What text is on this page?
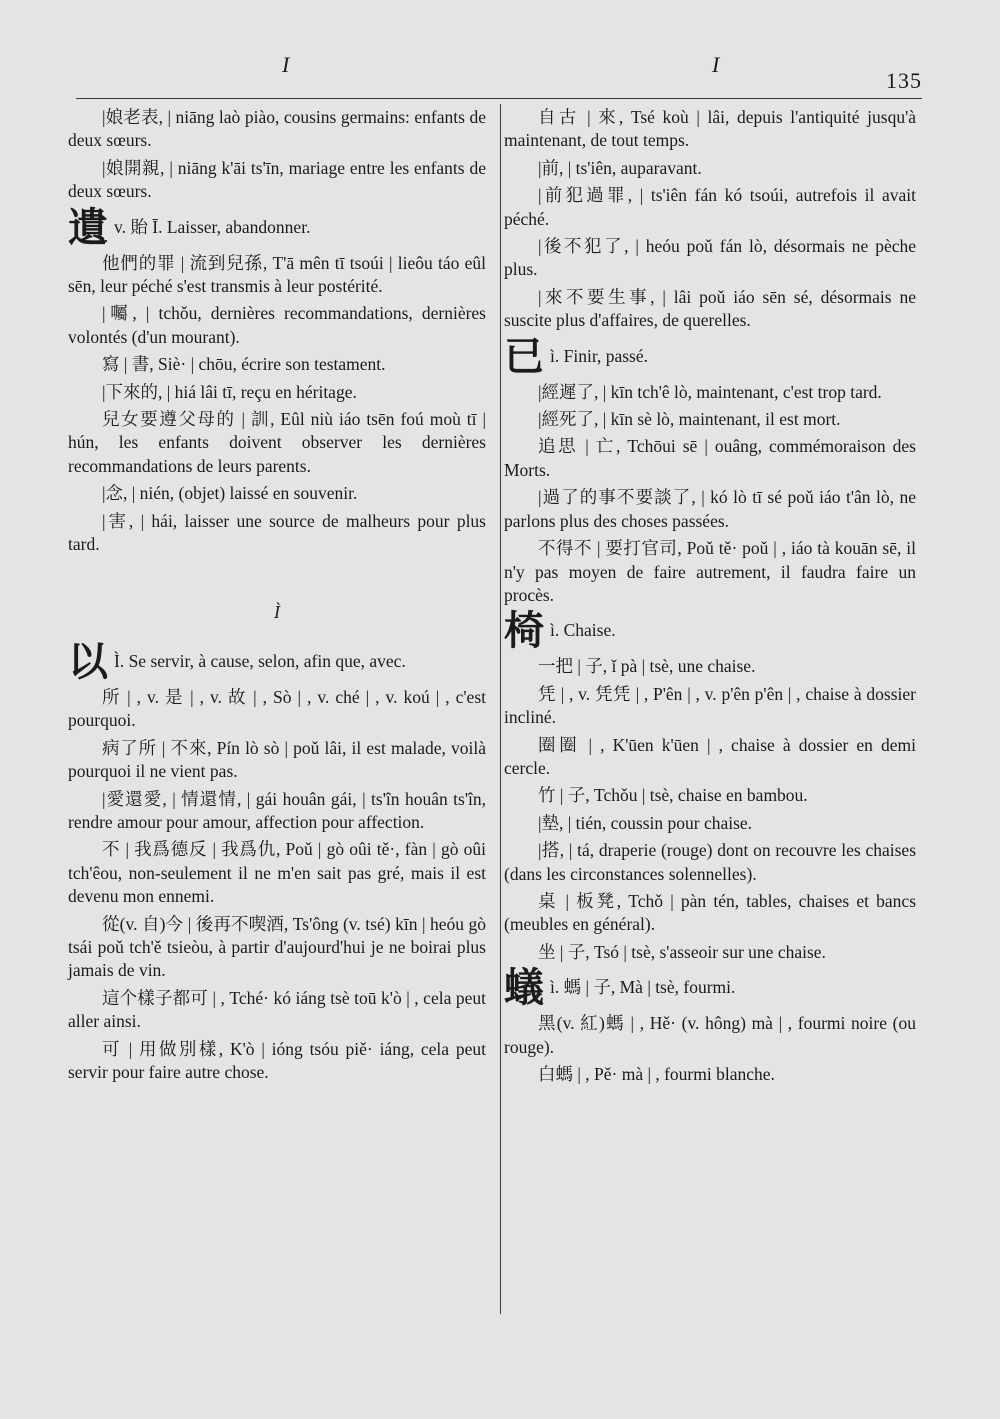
I	I
135
|娘老表, | niāng laò piào, cousins germains: enfants de deux sœurs.
|娘開親, | niāng k'āi ts'īn, mariage entre les enfants de deux sœurs.
遺v. 貽 Ī. Laisser, abandonner.
他們的罪 | 流到兒孫, T'ā mên tī tsoúi | lieôu táo eûl sēn, leur péché s'est transmis à leur postérité.
|囑, | tchǒu, dernières recommandations, dernières volontés (d'un mourant).
寫 | 書, Siè· | chōu, écrire son testament.
|下來的, | hiá lâi tī, reçu en héritage.
兒女要遵父母的 | 訓, Eûl niù iáo tsēn foú moù tī | hún, les enfants doivent observer les dernières recommandations de leurs parents.
|念, | nién, (objet) laissé en souvenir.
|害, | hái, laisser une source de malheurs pour plus tard.
Ì
以 Ì. Se servir, à cause, selon, afin que, avec.
所 | , v. 是 | , v. 故 | , Sò | , v. ché | , v. koú | , c'est pourquoi.
病了所 | 不來, Pín lò sò | poǔ lâi, il est malade, voilà pourquoi il ne vient pas.
|愛還愛, | 情還情, | gái houân gái, | ts'în houân ts'în, rendre amour pour amour, affection pour affection.
不 | 我爲德反 | 我爲仇, Poǔ | gò oûi tě·, fàn | gò oûi tch'êou, non-seulement il ne m'en sait pas gré, mais il est devenu mon ennemi.
從(v. 自)今 | 後再不喫酒, Ts'ông (v. tsé) kīn | heóu gò tsái poǔ tch'ě tsieòu, à partir d'aujourd'hui je ne boirai plus jamais de vin.
這个樣子都可 | , Tché· kó iáng tsè toū k'ò | , cela peut aller ainsi.
可 | 用做別樣, K'ò | ióng tsóu piě· iáng, cela peut servir pour faire autre chose.
自古 | 來, Tsé koù | lâi, depuis l'antiquité jusqu'à maintenant, de tout temps.
|前, | ts'iên, auparavant.
|前犯過罪, | ts'iên fán kó tsoúi, autrefois il avait péché.
|後不犯了, | heóu poǔ fán lò, désormais ne pèche plus.
|來不要生事, | lâi poǔ iáo sēn sé, désormais ne suscite plus d'affaires, de querelles.
已ì. Finir, passé.
|經遲了, | kīn tch'ê lò, maintenant, c'est trop tard.
|經死了, | kīn sè lò, maintenant, il est mort.
追思 | 亡, Tchōui sē | ouâng, commémoraison des Morts.
|過了的事不要談了, | kó lò tī sé poǔ iáo t'ân lò, ne parlons plus des choses passées.
不得不 | 要打官司, Poǔ tě· poǔ | , iáo tà kouān sē, il n'y pas moyen de faire autrement, il faudra faire un procès.
椅ì. Chaise.
一把 | 子, ǐ pà | tsè, une chaise.
凭 | , v. 凭凭 | , P'ên | , v. p'ên p'ên | , chaise à dossier incliné.
圈圈 | , K'ūen k'ūen | , chaise à dossier en demi cercle.
竹 | 子, Tchǒu | tsè, chaise en bambou.
|墊, | tién, coussin pour chaise.
|搭, | tá, draperie (rouge) dont on recouvre les chaises (dans les circonstances solennelles).
桌 | 板凳, Tchǒ | pàn tén, tables, chaises et bancs (meubles en général).
坐 | 子, Tsó | tsè, s'asseoir sur une chaise.
蟻ì. 螞 | 子, Mà | tsè, fourmi.
黑(v. 紅)螞 | , Hě· (v. hông) mà | , fourmi noire (ou rouge).
白螞 | , Pě· mà | , fourmi blanche.
